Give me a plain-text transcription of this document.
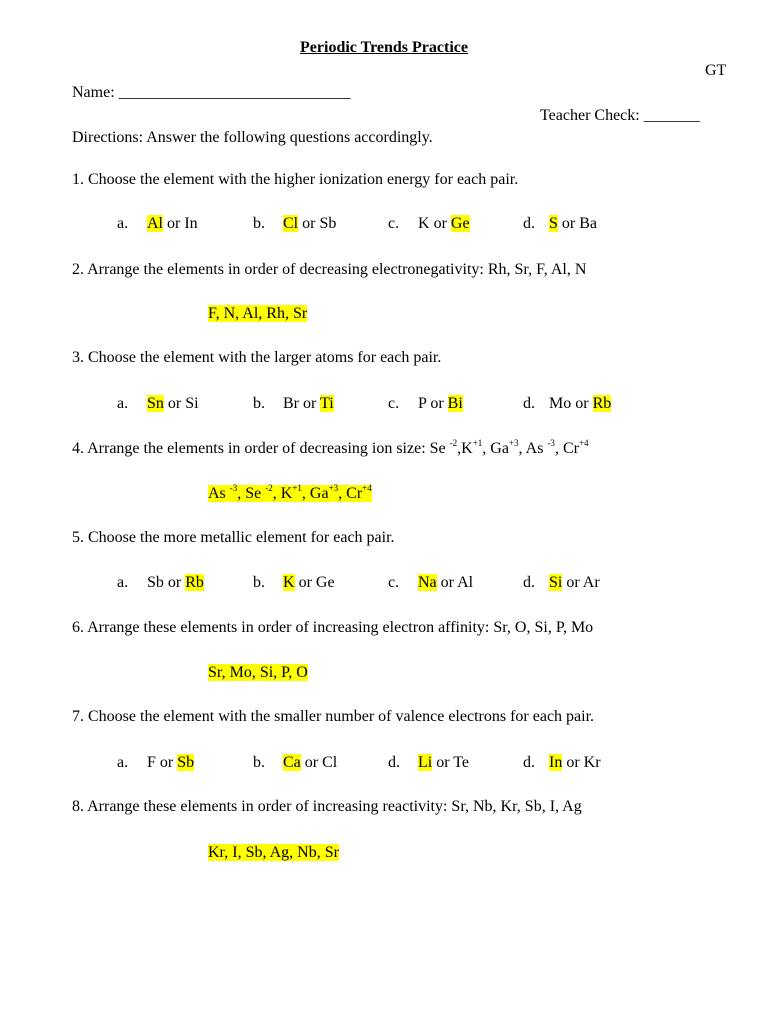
Periodic Trends Practice
GT
Name: _____________________________
Teacher Check: _______
Directions: Answer the following questions accordingly.
1. Choose the element with the higher ionization energy for each pair.
a. Al or In	b. Cl or Sb	c. K or Ge	d. S or Ba
2. Arrange the elements in order of decreasing electronegativity: Rh, Sr, F, Al, N
F, N, Al, Rh, Sr
3. Choose the element with the larger atoms for each pair.
a. Sn or Si	b. Br or Ti	c. P or Bi	d. Mo or Rb
4. Arrange the elements in order of decreasing ion size: Se $^{-2},K^{+1}$, $Ga^{+3}$, As $^{-3}$, $Cr^{+4}$
As $^{-3}$, Se $^{-2}$, $K^{+1}$, $Ga^{+3}$, $Cr^{+4}$
5. Choose the more metallic element for each pair.
a. Sb or Rb	b. K or Ge	c. Na or Al	d. Si or Ar
6. Arrange these elements in order of increasing electron affinity: Sr, O, Si, P, Mo
Sr, Mo, Si, P, O
7. Choose the element with the smaller number of valence electrons for each pair.
a. F or Sb	b. Ca or Cl	d. Li or Te	d. In or Kr
8. Arrange these elements in order of increasing reactivity: Sr, Nb, Kr, Sb, I, Ag
Kr, I, Sb, Ag, Nb, Sr
